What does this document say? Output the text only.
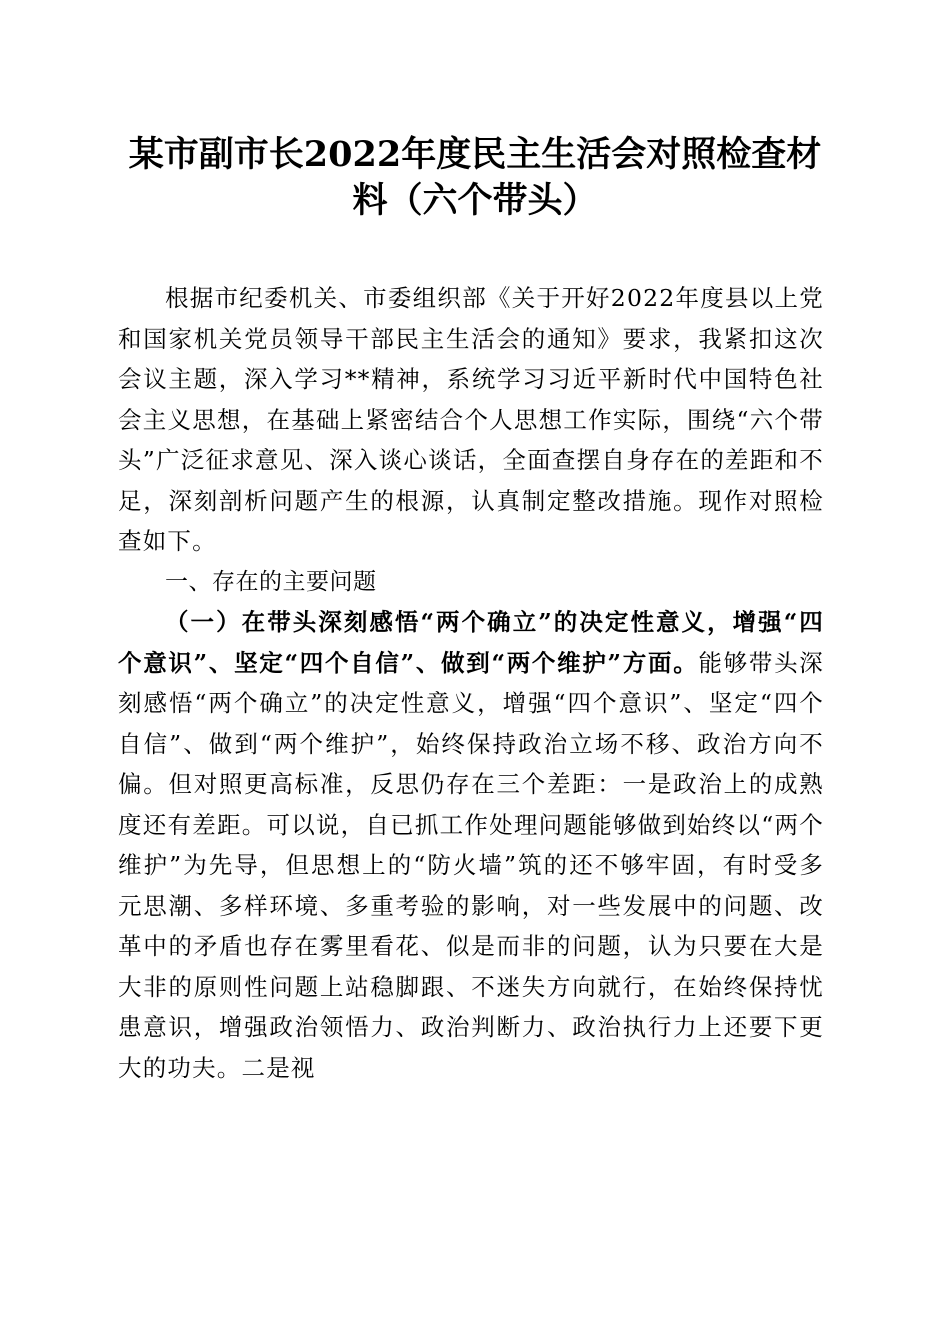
某市副市长2022年度民主生活会对照检查材料（六个带头）

根据市纪委机关、市委组织部《关于开好2022年度县以上党和国家机关党员领导干部民主生活会的通知》要求，我紧扣这次会议主题，深入学习**精神，系统学习习近平新时代中国特色社会主义思想，在基础上紧密结合个人思想工作实际，围绕“六个带头”广泛征求意见、深入谈心谈话，全面查摆自身存在的差距和不足，深刻剖析问题产生的根源，认真制定整改措施。现作对照检查如下。

一、存在的主要问题

（一）在带头深刻感悟“两个确立”的决定性意义，增强“四个意识”、坚定“四个自信”、做到“两个维护”方面。能够带头深刻感悟“两个确立”的决定性意义，增强“四个意识”、坚定“四个自信”、做到“两个维护”，始终保持政治立场不移、政治方向不偏。但对照更高标准，反思仍存在三个差距：一是政治上的成熟度还有差距。可以说，自已抓工作处理问题能够做到始终以“两个维护”为先导，但思想上的“防火墙”筑的还不够牢固，有时受多元思潮、多样环境、多重考验的影响，对一些发展中的问题、改革中的矛盾也存在雾里看花、似是而非的问题，认为只要在大是大非的原则性问题上站稳脚跟、不迷失方向就行，在始终保持忧患意识，增强政治领悟力、政治判断力、政治执行力上还要下更大的功夫。二是视
